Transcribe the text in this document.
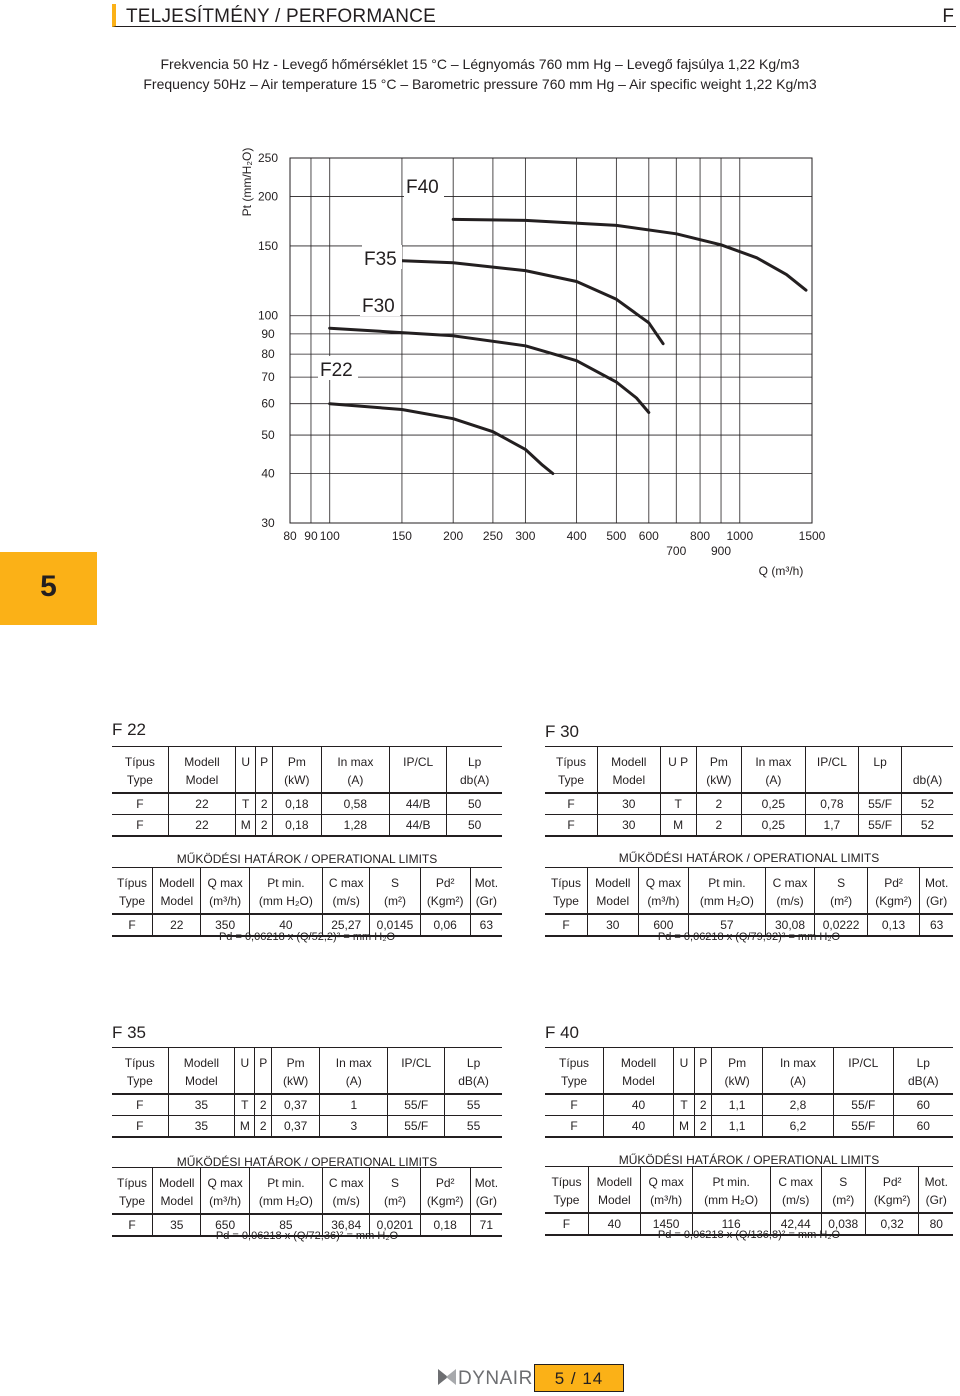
TELJESÍTMÉNY / PERFORMANCE	F
Frekvencia 50 Hz - Levegő hőmérséklet 15 °C – Légnyomás 760 mm Hg – Levegő fajsúlya 1,22 Kg/m3
Frequency 50Hz – Air temperature 15 °C – Barometric pressure 760 mm Hg – Air specific weight 1,22 Kg/m3
5
250
200
150
100
90
80
70
60
50
40
30
80 90 100	150	200 250 300	400 500 600	800 1000	1500
700 900
Q (m³/h)
Pt (mm/H₂O)
F22
F30
F35
F40
F 22
Típus	Modell	U	P	Pm	In max	IP/CL	Lp
Type	Model			(kW)	(A)		db(A)
F	22	T	2	0,18	0,58	44/B	50
F	22	M	2	0,18	1,28	44/B	50
MŰKÖDÉSI HATÁROK / OPERATIONAL LIMITS
Típus	Modell	Q max	Pt min.	C max	S	Pd²	Mot.
Type	Model	(m³/h)	(mm H₂O)	(m/s)	(m²)	(Kgm²)	(Gr)
F	22	350	40	25,27	0,0145	0,06	63
Pd = 0,06218 x (Q/52,2)² = mm H₂O
F 30
Típus	Modell	U P	Pm	In max	IP/CL	Lp	
Type	Model		(kW)	(A)			db(A)
F	30	T	2	0,25	0,78	55/F	52
F	30	M	2	0,25	1,7	55/F	52
MŰKÖDÉSI HATÁROK / OPERATIONAL LIMITS
Típus	Modell	Q max	Pt min.	C max	S	Pd²	Mot.
Type	Model	(m³/h)	(mm H₂O)	(m/s)	(m²)	(Kgm²)	(Gr)
F	30	600	57	30,08	0,0222	0,13	63
Pd = 0,06218 x (Q/79,92)² = mm H₂O
F 35
Típus	Modell	U	P	Pm	In max	IP/CL	Lp
Type	Model			(kW)	(A)		dB(A)
F	35	T	2	0,37	1	55/F	55
F	35	M	2	0,37	3	55/F	55
MŰKÖDÉSI HATÁROK / OPERATIONAL LIMITS
Típus	Modell	Q max	Pt min.	C max	S	Pd²	Mot.
Type	Model	(m³/h)	(mm H₂O)	(m/s)	(m²)	(Kgm²)	(Gr)
F	35	650	85	36,84	0,0201	0,18	71
Pd = 0,06218 x (Q/72,36)² = mm H₂O
F 40
Típus	Modell	U	P	Pm	In max	IP/CL	Lp
Type	Model			(kW)	(A)		dB(A)
F	40	T	2	1,1	2,8	55/F	60
F	40	M	2	1,1	6,2	55/F	60
MŰKÖDÉSI HATÁROK / OPERATIONAL LIMITS
Típus	Modell	Q max	Pt min.	C max	S	Pd²	Mot.
Type	Model	(m³/h)	(mm H₂O)	(m/s)	(m²)	(Kgm²)	(Gr)
F	40	1450	116	42,44	0,038	0,32	80
Pd = 0,06218 x (Q/136,8)² = mm H₂O
DYNAIR	5 / 14
